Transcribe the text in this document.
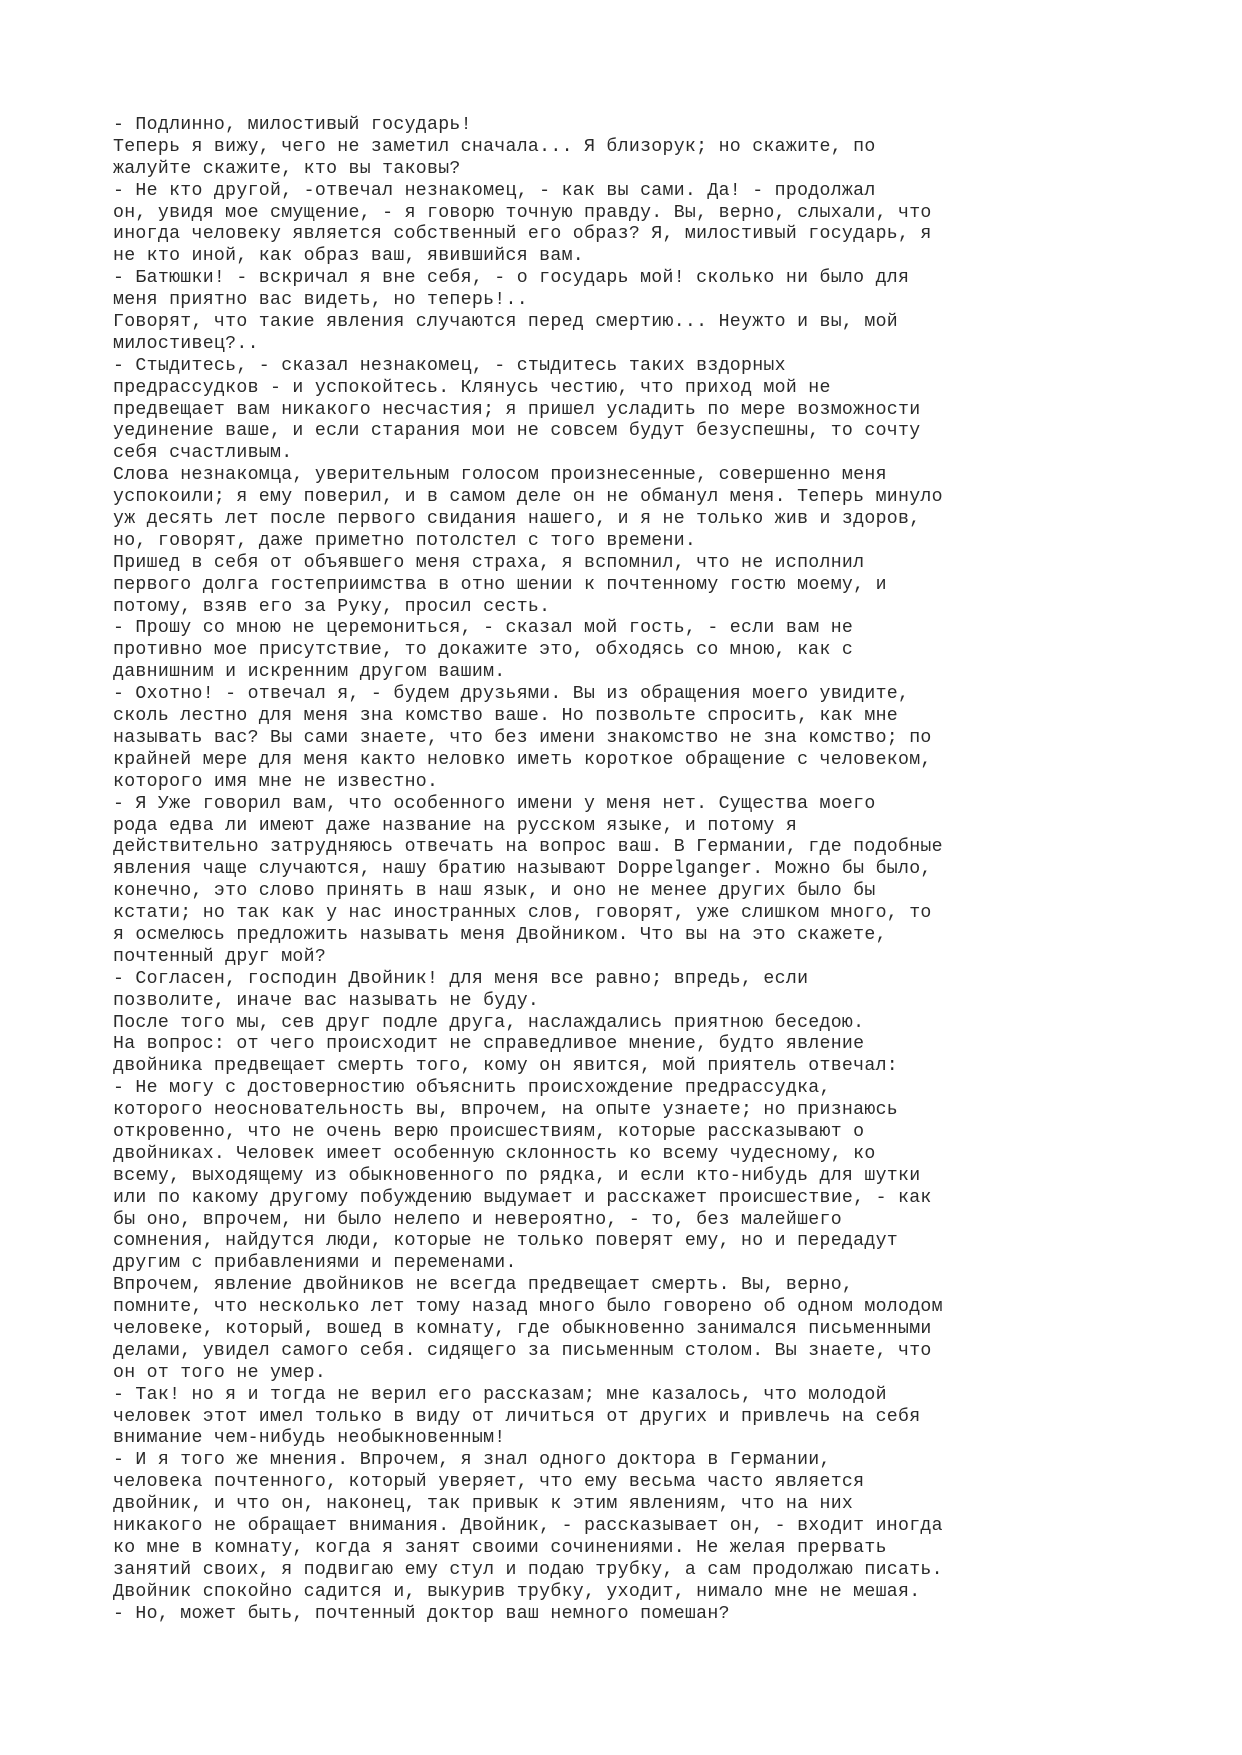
- Подлинно, милостивый государь!
Теперь я вижу, чего не заметил сначала... Я близорук; но скажите, по
жалуйте скажите, кто вы таковы?
- Не кто другой, -отвечал незнакомец, - как вы сами. Да! - продолжал
он, увидя мое смущение, - я говорю точную правду. Вы, верно, слыхали, что
иногда человеку является собственный его образ? Я, милостивый государь, я
не кто иной, как образ ваш, явившийся вам.
- Батюшки! - вскричал я вне себя, - о государь мой! сколько ни было для
меня приятно вас видеть, но теперь!..
Говорят, что такие явления случаются перед смертию... Неужто и вы, мой
милостивец?..
- Стыдитесь, - сказал незнакомец, - стыдитесь таких вздорных
предрассудков - и успокойтесь. Клянусь честию, что приход мой не
предвещает вам никакого несчастия; я пришел усладить по мере возможности
уединение ваше, и если старания мои не совсем будут безуспешны, то сочту
себя счастливым.
Слова незнакомца, уверительным голосом произнесенные, совершенно меня
успокоили; я ему поверил, и в самом деле он не обманул меня. Теперь минуло
уж десять лет после первого свидания нашего, и я не только жив и здоров,
но, говорят, даже приметно потолстел с того времени.
Пришед в себя от объявшего меня страха, я вспомнил, что не исполнил
первого долга гостеприимства в отно шении к почтенному гостю моему, и
потому, взяв его за Руку, просил сесть.
- Прошу со мною не церемониться, - сказал мой гость, - если вам не
противно мое присутствие, то докажите это, обходясь со мною, как с
давнишним и искренним другом вашим.
- Охотно! - отвечал я, - будем друзьями. Вы из обращения моего увидите,
сколь лестно для меня зна комство ваше. Но позвольте спросить, как мне
называть вас? Вы сами знаете, что без имени знакомство не зна комство; по
крайней мере для меня както неловко иметь короткое обращение с человеком,
которого имя мне не известно.
- Я Уже говорил вам, что особенного имени у меня нет. Существа моего
рода едва ли имеют даже название на русском языке, и потому я
действительно затрудняюсь отвечать на вопрос ваш. В Германии, где подобные
явления чаще случаются, нашу братию называют Doppelganger. Можно бы было,
конечно, это слово принять в наш язык, и оно не менее других было бы
кстати; но так как у нас иностранных слов, говорят, уже слишком много, то
я осмелюсь предложить называть меня Двойником. Что вы на это скажете,
почтенный друг мой?
- Согласен, господин Двойник! для меня все равно; впредь, если
позволите, иначе вас называть не буду.
После того мы, сев друг подле друга, наслаждались приятною беседою.
На вопрос: от чего происходит не справедливое мнение, будто явление
двойника предвещает смерть того, кому он явится, мой приятель отвечал:
- Не могу с достоверностию объяснить происхождение предрассудка,
которого неосновательность вы, впрочем, на опыте узнаете; но признаюсь
откровенно, что не очень верю происшествиям, которые рассказывают о
двойниках. Человек имеет особенную склонность ко всему чудесному, ко
всему, выходящему из обыкновенного по рядка, и если кто-нибудь для шутки
или по какому другому побуждению выдумает и расскажет происшествие, - как
бы оно, впрочем, ни было нелепо и невероятно, - то, без малейшего
сомнения, найдутся люди, которые не только поверят ему, но и передадут
другим с прибавлениями и переменами.
Впрочем, явление двойников не всегда предвещает смерть. Вы, верно,
помните, что несколько лет тому назад много было говорено об одном молодом
человеке, который, вошед в комнату, где обыкновенно занимался письменными
делами, увидел самого себя. сидящего за письменным столом. Вы знаете, что
он от того не умер.
- Так! но я и тогда не верил его рассказам; мне казалось, что молодой
человек этот имел только в виду от личиться от других и привлечь на себя
внимание чем-нибудь необыкновенным!
- И я того же мнения. Впрочем, я знал одного доктора в Германии,
человека почтенного, который уверяет, что ему весьма часто является
двойник, и что он, наконец, так привык к этим явлениям, что на них
никакого не обращает внимания. Двойник, - рассказывает он, - входит иногда
ко мне в комнату, когда я занят своими сочинениями. Не желая прервать
занятий своих, я подвигаю ему стул и подаю трубку, а сам продолжаю писать.
Двойник спокойно садится и, выкурив трубку, уходит, нимало мне не мешая.
- Но, может быть, почтенный доктор ваш немного помешан?
